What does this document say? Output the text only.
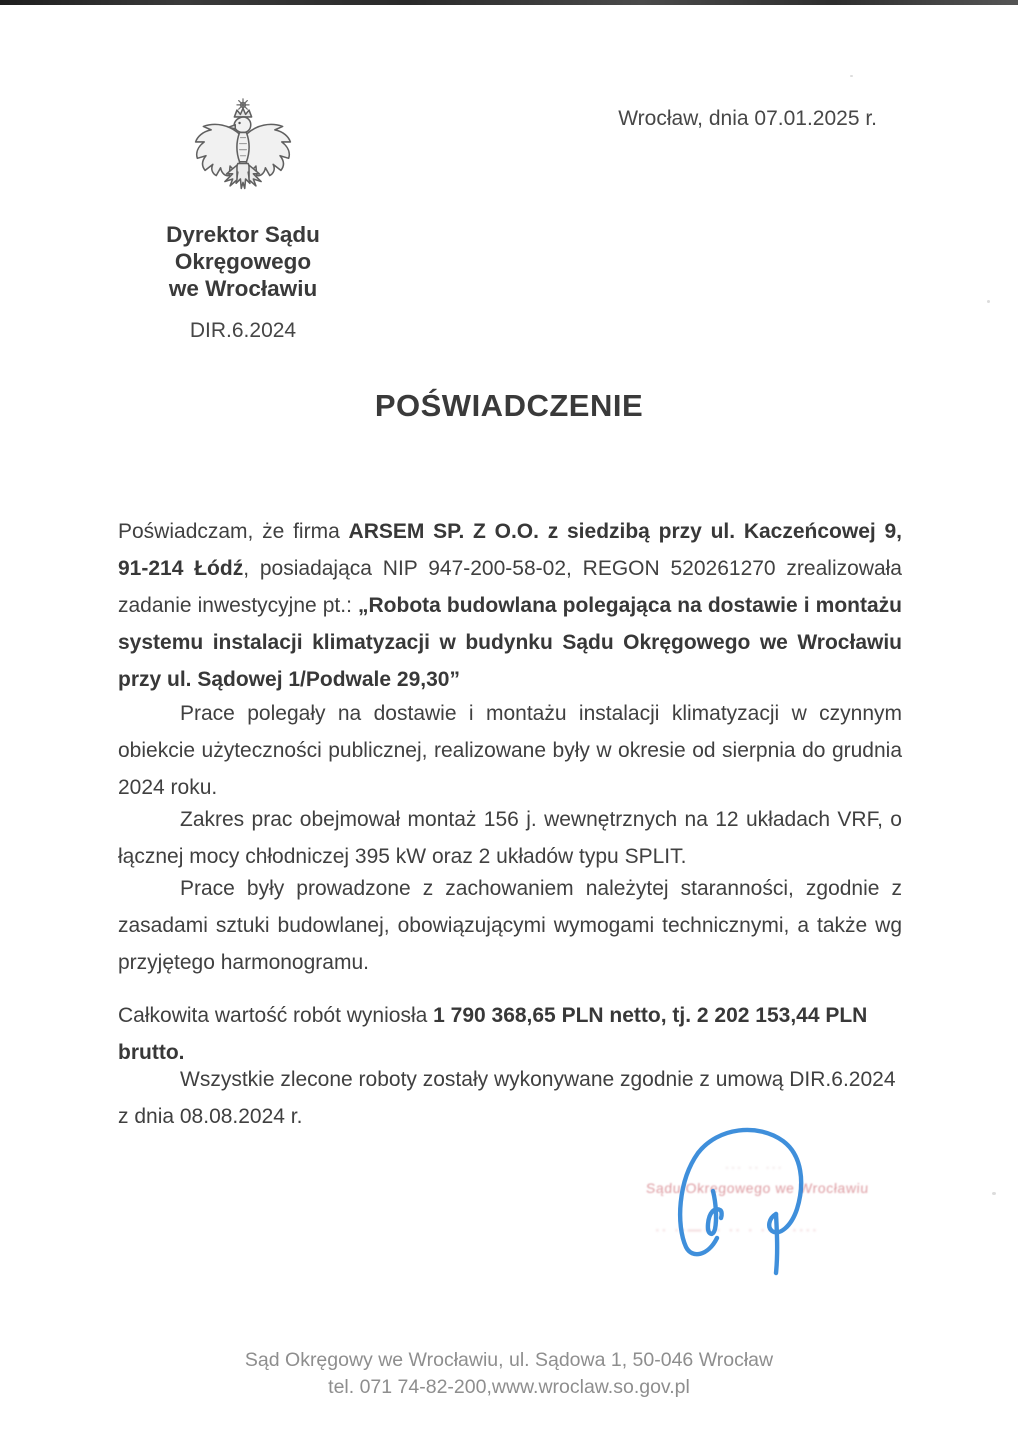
Wrocław, dnia 07.01.2025 r.
Dyrektor Sądu Okręgowego
we Wrocławiu
DIR.6.2024
POŚWIADCZENIE
Poświadczam, że firma ARSEM SP. Z O.O. z siedzibą przy ul. Kaczeńcowej 9, 91-214 Łódź, posiadająca NIP 947-200-58-02, REGON 520261270 zrealizowała zadanie inwestycyjne pt.: „Robota budowlana polegająca na dostawie i montażu systemu instalacji klimatyzacji w budynku Sądu Okręgowego we Wrocławiu przy ul. Sądowej 1/Podwale 29,30”
Prace polegały na dostawie i montażu instalacji klimatyzacji w czynnym obiekcie użyteczności publicznej, realizowane były w okresie od sierpnia do grudnia 2024 roku.
Zakres prac obejmował montaż 156 j. wewnętrznych na 12 układach VRF, o łącznej mocy chłodniczej 395 kW oraz 2 układów typu SPLIT.
Prace były prowadzone z zachowaniem należytej staranności, zgodnie z zasadami sztuki budowlanej, obowiązującymi wymogami technicznymi, a także wg przyjętego harmonogramu.
Całkowita wartość robót wyniosła 1 790 368,65 PLN netto, tj. 2 202 153,44 PLN brutto.
Wszystkie zlecone roboty zostały wykonywane zgodnie z umową DIR.6.2024
z dnia 08.08.2024 r.
··· ·· ···
Sądu Okręgowego we Wrocławiu
·· ··—· · ·· · ·· · ····
Sąd Okręgowy we Wrocławiu, ul. Sądowa 1, 50-046 Wrocław
tel. 071 74-82-200,www.wroclaw.so.gov.pl
